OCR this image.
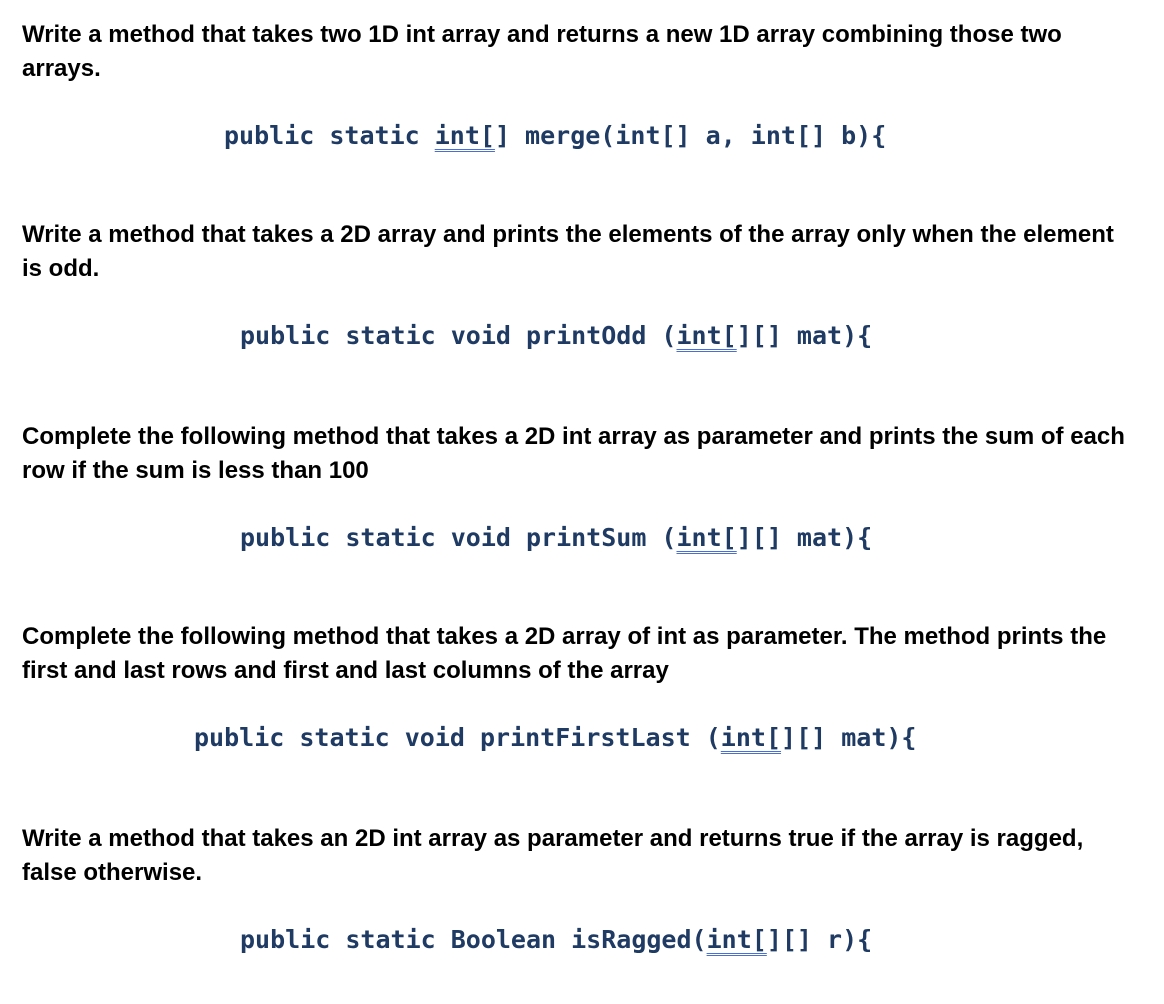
Write a method that takes two 1D int array and returns a new 1D array combining those two arrays.

public static int[] merge(int[] a, int[] b){

Write a method that takes a 2D array and prints the elements of the array only when the element is odd.

public static void printOdd (int[][] mat){

Complete the following method that takes a 2D int array as parameter and prints the sum of each row if the sum is less than 100

public static void printSum (int[][] mat){

Complete the following method that takes a 2D array of int as parameter. The method prints the first and last rows and first and last columns of the array

public static void printFirstLast (int[][] mat){

Write a method that takes an 2D int array as parameter and returns true if the array is ragged, false otherwise.

public static Boolean isRagged(int[][] r){
